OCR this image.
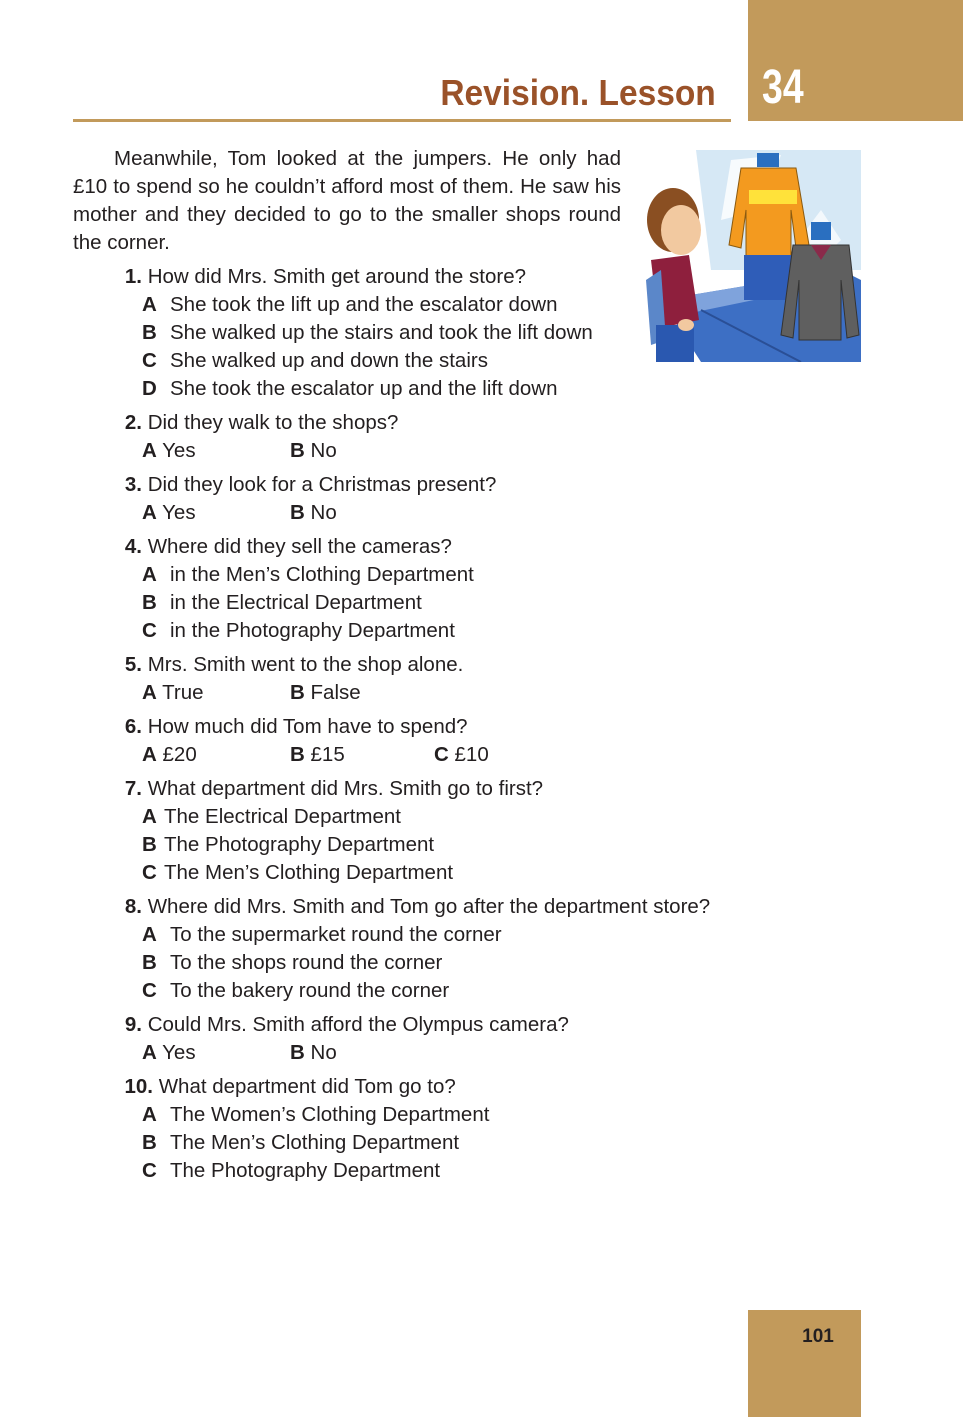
34
Revision. Lesson
Meanwhile, Tom looked at the jumpers. He only had £10 to spend so he couldn’t afford most of them. He saw his mother and they decided to go to the smaller shops round the corner.
1.
How did Mrs. Smith get around the store?
A She took the lift up and the escalator down
B She walked up the stairs and took the lift down
C She walked up and down the stairs
D She took the escalator up and the lift down
2.
Did they walk to the shops?
A Yes	B No
3.
Did they look for a Christmas present?
A Yes	B No
4.
Where did they sell the cameras?
A in the Men’s Clothing Department
B in the Electrical Department
C in the Photography Department
5.
Mrs. Smith went to the shop alone.
A True	B False
6.
How much did Tom have to spend?
A £20	B £15	C £10
7.
What department did Mrs. Smith go to first?
A The Electrical Department
B The Photography Department
C The Men’s Clothing Department
8.
Where did Mrs. Smith and Tom go after the department store?
A To the supermarket round the corner
B To the shops round the corner
C To the bakery round the corner
9.
Could Mrs. Smith afford the Olympus camera?
A Yes	B No
10.
What department did Tom go to?
A The Women’s Clothing Department
B The Men’s Clothing Department
C The Photography Department
101
